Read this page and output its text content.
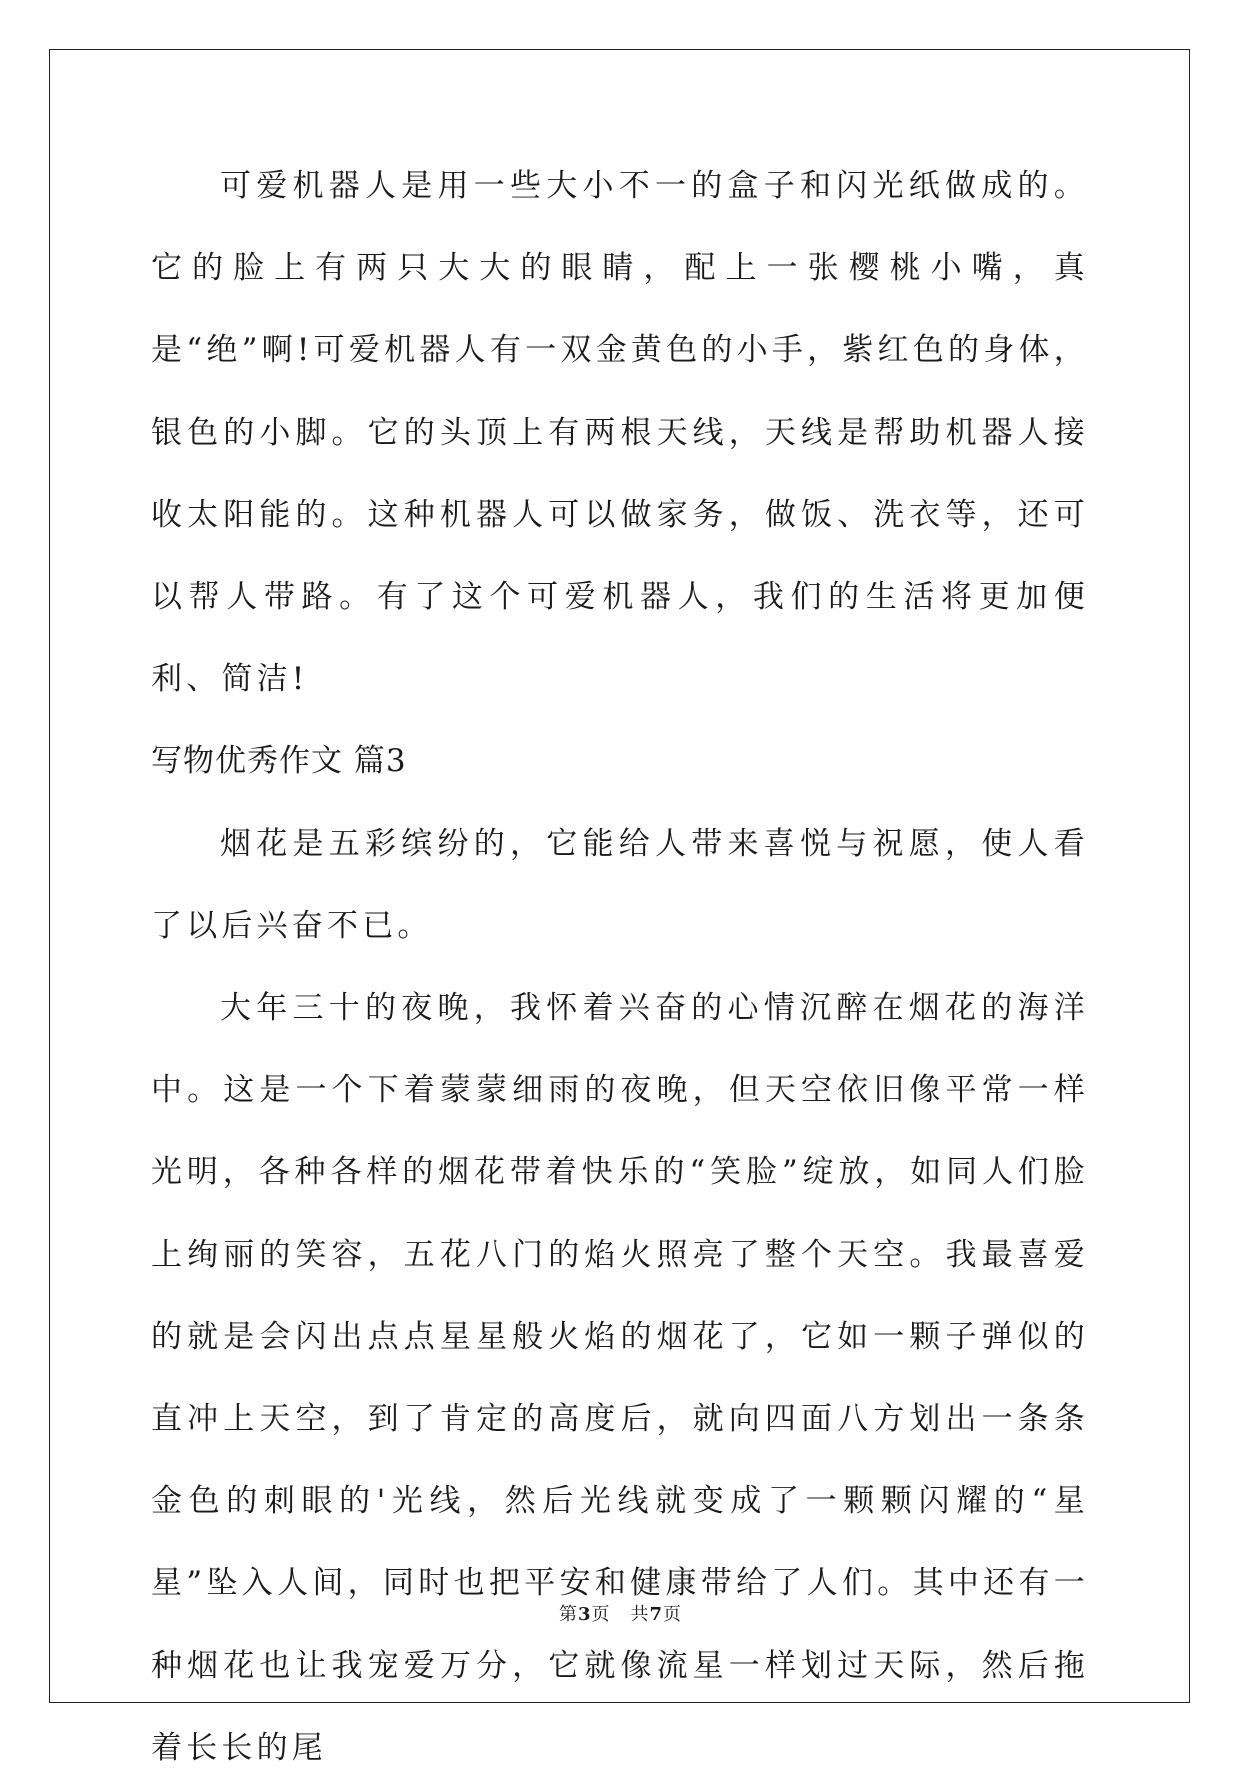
可爱机器人是用一些大小不一的盒子和闪光纸做成的。它的脸上有两只大大的眼睛，配上一张樱桃小嘴，真是“绝”啊!可爱机器人有一双金黄色的小手，紫红色的身体，银色的小脚。它的头顶上有两根天线，天线是帮助机器人接收太阳能的。这种机器人可以做家务，做饭、洗衣等，还可以帮人带路。有了这个可爱机器人，我们的生活将更加便利、简洁!

写物优秀作文 篇3

烟花是五彩缤纷的，它能给人带来喜悦与祝愿，使人看了以后兴奋不已。

大年三十的夜晚，我怀着兴奋的心情沉醉在烟花的海洋中。这是一个下着蒙蒙细雨的夜晚，但天空依旧像平常一样光明，各种各样的烟花带着快乐的“笑脸”绽放，如同人们脸上绚丽的笑容，五花八门的焰火照亮了整个天空。我最喜爱的就是会闪出点点星星般火焰的烟花了，它如一颗子弹似的直冲上天空，到了肯定的高度后，就向四面八方划出一条条金色的刺眼的'光线，然后光线就变成了一颗颗闪耀的“星星”坠入人间，同时也把平安和健康带给了人们。其中还有一种烟花也让我宠爱万分，它就像流星一样划过天际，然后拖着长长的尾

第3页 共7页
